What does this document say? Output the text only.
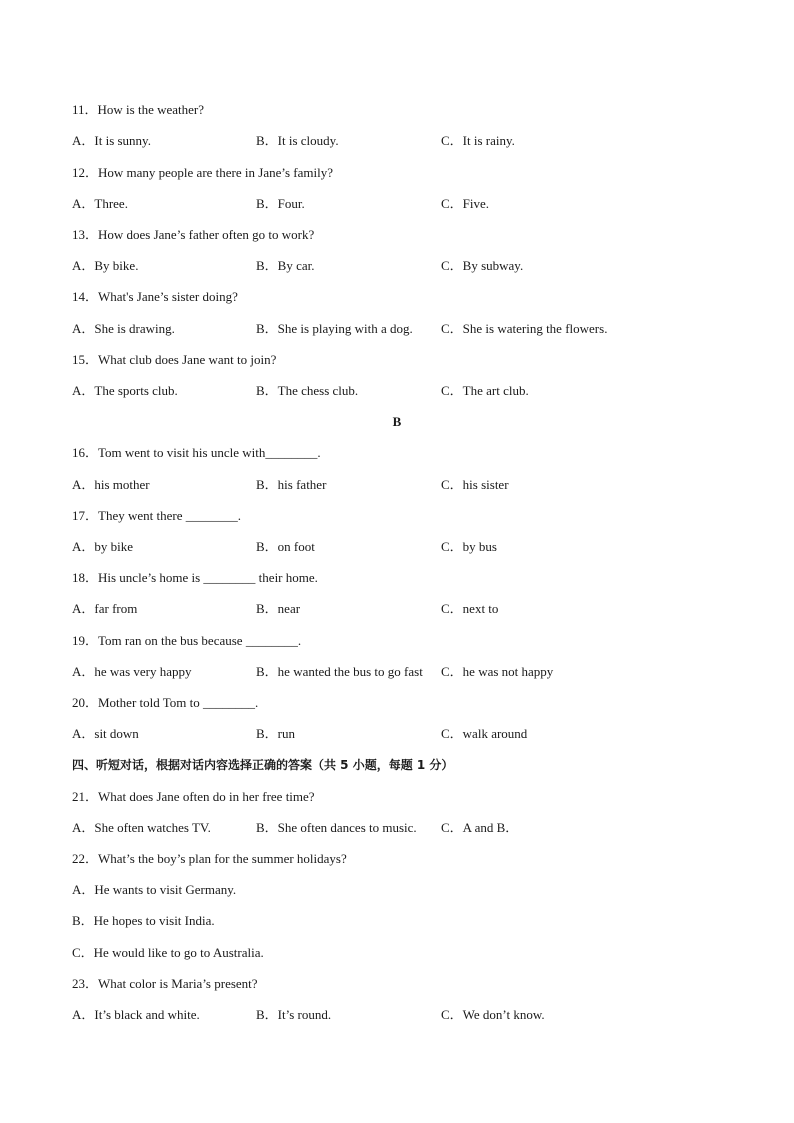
11．How is the weather?
A．It is sunny.	B．It is cloudy.	C．It is rainy.
12．How many people are there in Jane’s family?
A．Three.	B．Four.	C．Five.
13．How does Jane’s father often go to work?
A．By bike.	B．By car.	C．By subway.
14．What's Jane’s sister doing?
A．She is drawing.	B．She is playing with a dog. C．She is watering the flowers.
15．What club does Jane want to join?
A．The sports club.	B．The chess club.	C．The art club.
B
16．Tom went to visit his uncle with________.
A．his mother	B．his father	C．his sister
17．They went there ________.
A．by bike	B．on foot	C．by bus
18．His uncle’s home is ________ their home.
A．far from	B．near	C．next to
19．Tom ran on the bus because ________.
A．he was very happy	B．he wanted the bus to go fast C．he was not happy
20．Mother told Tom to ________.
A．sit down	B．run	C．walk around
四、听短对话，根据对话内容选择正确的答案（共 5 小题，每题 1 分）
21．What does Jane often do in her free time?
A．She often watches TV.	B．She often dances to music. C．A and B．
22．What’s the boy’s plan for the summer holidays?
A．He wants to visit Germany.
B．He hopes to visit India.
C．He would like to go to Australia.
23．What color is Maria’s present?
A．It’s black and white.	B．It’s round.	C．We don’t know.
